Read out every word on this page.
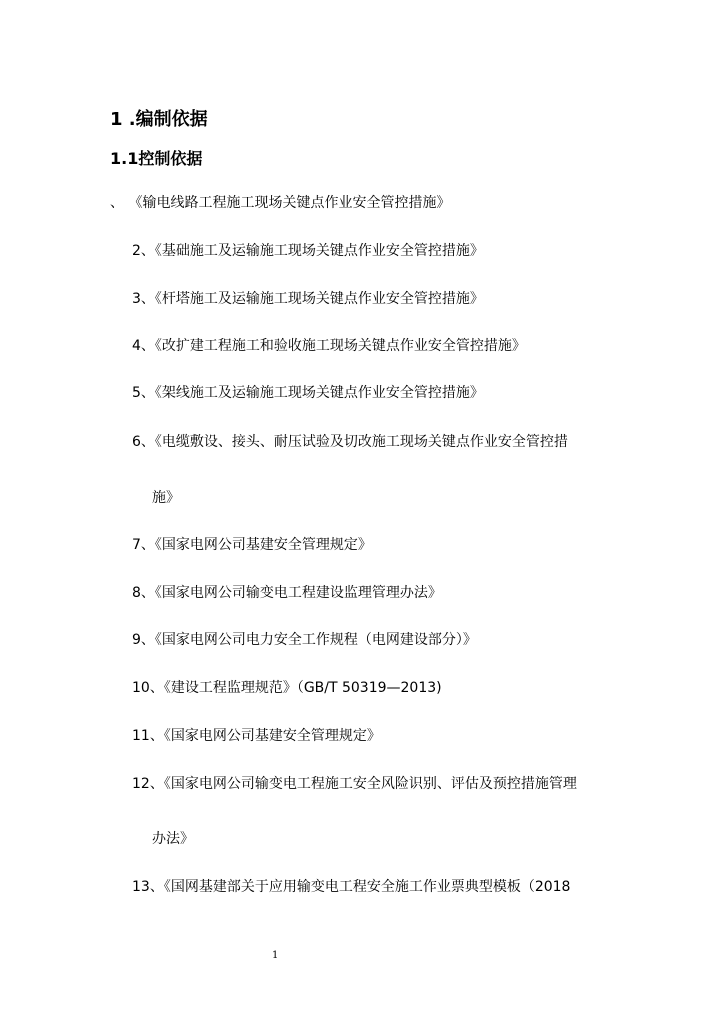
1 .编制依据
1.1控制依据
、 《输电线路工程施工现场关键点作业安全管控措施》
2、《基础施工及运输施工现场关键点作业安全管控措施》
3、《杆塔施工及运输施工现场关键点作业安全管控措施》
4、《改扩建工程施工和验收施工现场关键点作业安全管控措施》
5、《架线施工及运输施工现场关键点作业安全管控措施》
6、《电缆敷设、接头、耐压试验及切改施工现场关键点作业安全管控措
施》
7、《国家电网公司基建安全管理规定》
8、《国家电网公司输变电工程建设监理管理办法》
9、《国家电网公司电力安全工作规程（电网建设部分）》
10、《建设工程监理规范》（GB/T 50319—2013)
11、《国家电网公司基建安全管理规定》
12、《国家电网公司输变电工程施工安全风险识别、评估及预控措施管理
办法》
13、《国网基建部关于应用输变电工程安全施工作业票典型模板（2018
1
